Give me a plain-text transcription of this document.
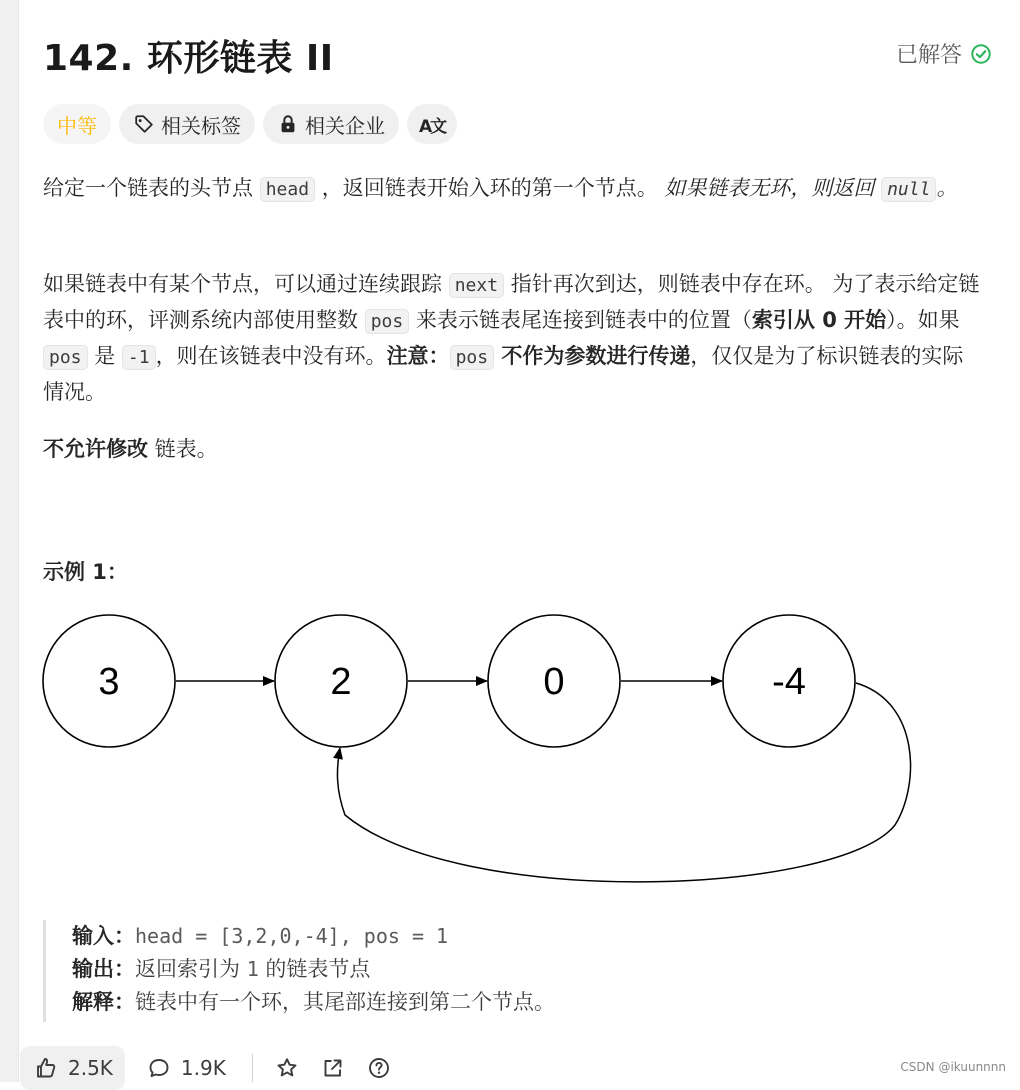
142. 环形链表 II	已解答
中等	相关标签	相关企业 A文
给定一个链表的头节点 head ，返回链表开始入环的第一个节点。 如果链表无环，则返回 null 。
如果链表中有某个节点，可以通过连续跟踪 next 指针再次到达，则链表中存在环。 为了表示给定链表中的环，评测系统内部使用整数 pos 来表示链表尾连接到链表中的位置（索引从 0 开始）。如果 pos 是 -1 ，则在该链表中没有环。注意： pos 不作为参数进行传递，仅仅是为了标识链表的实际情况。
不允许修改 链表。
示例 1：
3	2	0	-4
输入：head = [3,2,0,-4], pos = 1
输出：返回索引为 1 的链表节点
解释：链表中有一个环，其尾部连接到第二个节点。
2.5K	1.9K	CSDN @ikuunnnn
